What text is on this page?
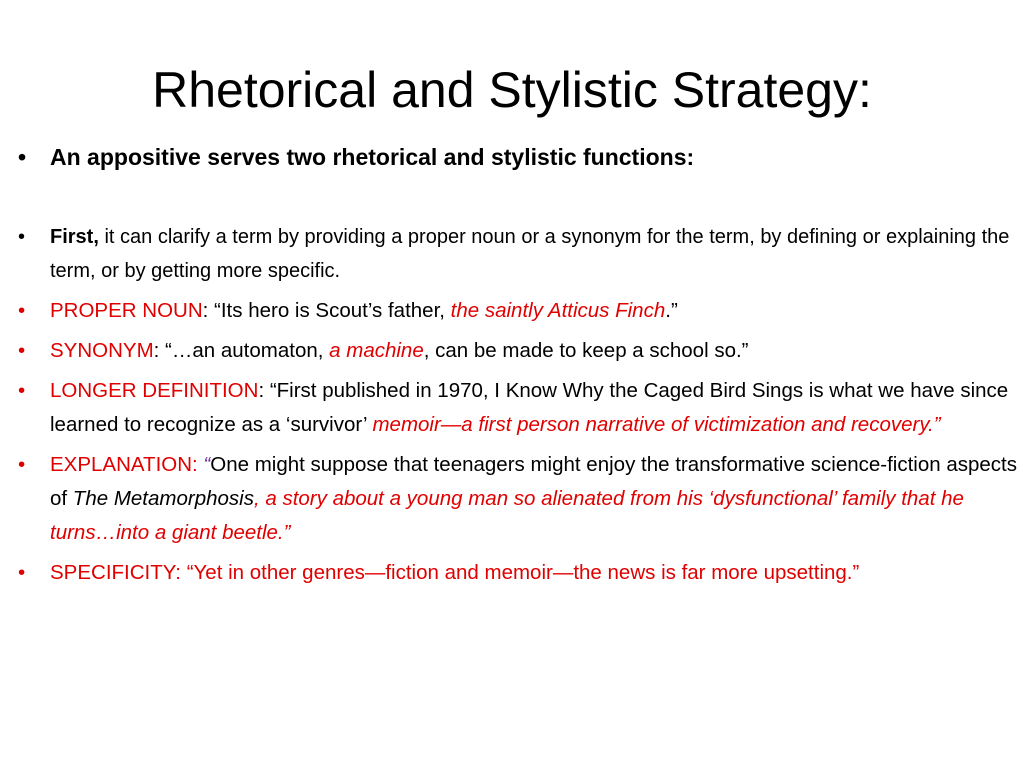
Rhetorical and Stylistic Strategy:
•	An appositive serves two rhetorical and stylistic functions:
•	First, it can clarify a term by providing a proper noun or a synonym for the term, by defining or explaining the term, or by getting more specific.
•	PROPER NOUN: “Its hero is Scout’s father, the saintly Atticus Finch.”
•	SYNONYM: “…an automaton, a machine, can be made to keep a school so.”
•	LONGER DEFINITION: “First published in 1970, I Know Why the Caged Bird Sings is what we have since learned to recognize as a ‘survivor’ memoir—a first person narrative of victimization and recovery.”
•	EXPLANATION: “One might suppose that teenagers might enjoy the transformative science-fiction aspects of The Metamorphosis, a story about a young man so alienated from his ‘dysfunctional’ family that he turns…into a giant beetle.”
•	SPECIFICITY: “Yet in other genres—fiction and memoir—the news is far more upsetting.”
